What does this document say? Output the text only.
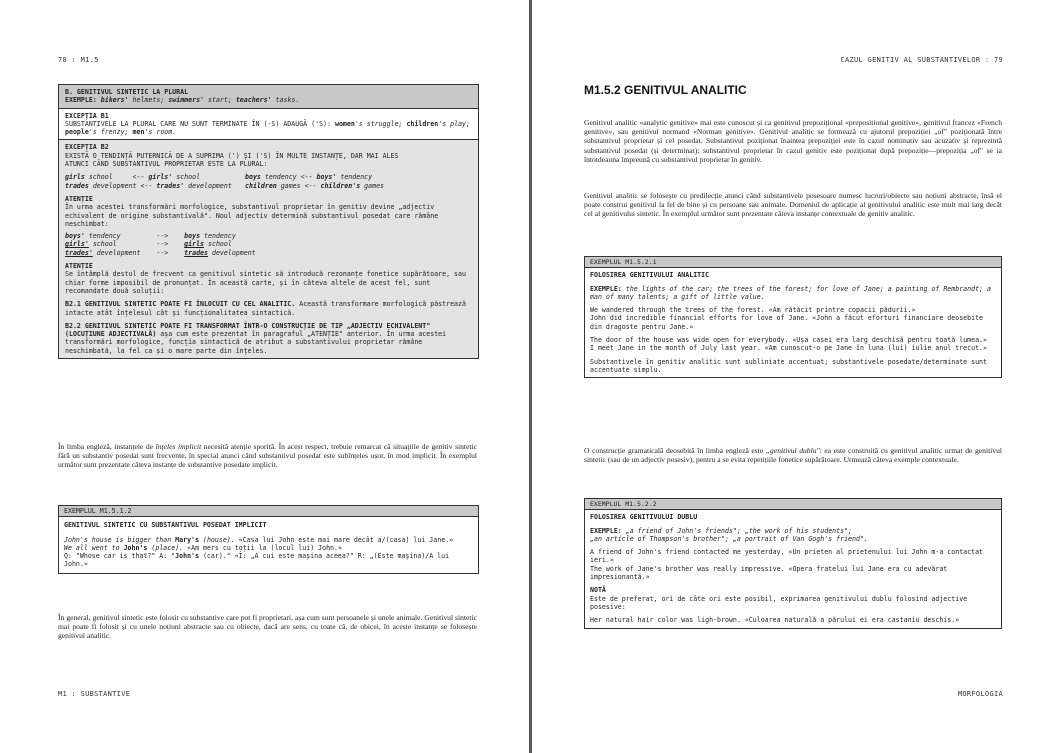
78 : M1.5
B. GENITIVUL SINTETIC LA PLURAL
EXEMPLE: bikers' helmets; swimmers' start; teachers' tasks.
EXCEPȚIA B1
SUBSTANTIVELE LA PLURAL CARE NU SUNT TERMINATE ÎN (-S) ADAUGĂ ('S): women's struggle; children's play; people's frenzy; men's room.
EXCEPȚIA B2
EXISTĂ O TENDINȚĂ PUTERNICĂ DE A SUPRIMA (') ȘI ('S) ÎN MULTE INSTANȚE, DAR MAI ALES
ATUNCI CÂND SUBSTANTIVUL PROPRIETAR ESTE LA PLURAL:
girls school	<-- girls' school	boys tendency <-- boys' tendency
trades development <-- trades' development	children games <-- children's games
ATENȚIE
În urma acestei transformări morfologice, substantivul proprietar în genitiv devine „adjectiv echivalent de origine substantivală". Noul adjectiv determină substantivul posedat care rămâne neschimbat:
boys' tendency	--> boys tendency
girls' school	--> girls school
trades' development --> trades development
ATENȚIE
Se întâmplă destul de frecvent ca genitivul sintetic să introducă rezonanțe fonetice supărătoare, sau chiar forme imposibil de pronunțat. În această carte, și în câteva altele de acest fel, sunt recomandate două soluții:
B2.1 GENITIVUL SINTETIC POATE FI ÎNLOCUIT CU CEL ANALITIC. Această transformare morfologică păstrează intacte atât înțelesul cât și funcționalitatea sintactică.
B2.2 GENITIVUL SINTETIC POATE FI TRANSFORMAT ÎNTR-O CONSTRUCȚIE DE TIP „ADJECTIV ECHIVALENT" (LOCUȚIUNE ADJECTIVALĂ) așa cum este prezentat în paragraful „ATENȚIE" anterior. În urma acestei transformări morfologice, funcția sintactică de atribut a substantivului proprietar rămâne neschimbată, la fel ca și o mare parte din înțeles.
În limba engleză, instanțele de înțeles implicit necesită atenție sporită. În acest respect, trebuie remarcat că situațiile de genitiv sintetic fără un substantiv posedat sunt frecvente, în special atunci când substantivul posedat este subînțeles ușor, în mod implicit. În exemplul următor sunt prezentate câteva instanțe de substantive posedate implicit.
EXEMPLUL M1.5.1.2
GENITIVUL SINTETIC CU SUBSTANTIVUL POSEDAT IMPLICIT
John's house is bigger than Mary's (house). «Casa lui John este mai mare decât a/(casa) lui Jane.»
We all went to John's (place). «Am mers cu toții la (locul lui) John.»
Q: "Whose car is that?" A: "John's (car)." «Î: „A cui este mașina aceea?" R: „(Este mașina)/A lui John.»
În general, genitivul sintetic este folosit cu substantive care pot fi proprietari, așa cum sunt persoanele și unele animale. Genitivul sintetic mai poate fi folosit și cu unele noțiuni abstracte sau cu obiecte, dacă are sens, cu toate că, de obicei, în aceste instanțe se folosește genitivul analitic.
M1 : SUBSTANTIVE
CAZUL GENITIV AL SUBSTANTIVELOR : 79
M1.5.2 GENITIVUL ANALITIC
Genitivul analitic «analytic genitive» mai este cunoscut și ca genitivul prepozițional «prepositional genitive», genitivul francez «French genitive», sau genitivul normand «Norman genitive». Genitivul analitic se formează cu ajutorul prepoziției „of" poziționată între substantivul proprietar și cel posedat. Substantivul poziționat înaintea prepoziției este în cazul nominativ sau acuzativ și reprezintă substantivul posedat (și determinat); substantivul proprietar în cazul genitiv este poziționat după prepoziție—prepoziția „of" se ia întotdeauna împreună cu substantivul proprietar în genitiv.
Genitivul analitic se folosește cu predilecție atunci când substantivele posesoare numesc lucruri/obiecte sau noțiuni abstracte, însă el poate construi genitivul la fel de bine și cu persoane sau animale. Domeniul de aplicație al genitivului analitic este mult mai larg decât cel al genitivului sintetic. În exemplul următor sunt prezentate câteva instanțe contextuale de genitiv analitic.
EXEMPLUL M1.5.2.1
FOLOSIREA GENITIVULUI ANALITIC
EXEMPLE: the lights of the car; the trees of the forest; for love of Jane; a painting of Rembrandt; a man of many talents; a gift of little value.
We wandered through the trees of the forest. «Am rătăcit printre copacii pădurii.»
John did incredible financial efforts for love of Jane. «John a făcut eforturi financiare deosebite din dragoste pentru Jane.»
The door of the house was wide open for everybody. «Ușa casei era larg deschisă pentru toată lumea.»
I meet Jane in the month of July last year. «Am cunoscut-o pe Jane în luna (lui) iulie anul trecut.»
Substantivele în genitiv analitic sunt subliniate accentuat; substantivele posedate/determinate sunt accentuate simplu.
O construcție gramaticală deosebită în limba engleză este „genitivul dublu": ea este construită cu genitivul analitic urmat de genitivul sintetic (sau de un adjectiv posesiv), pentru a se evita repetițiile fonetice supărătoare. Urmează câteva exemple contextuale.
EXEMPLUL M1.5.2.2
FOLOSIREA GENITIVULUI DUBLU
EXEMPLE: „a friend of John's friends"; „the work of his students";
„an article of Thompson's brother"; „a portrait of Van Gogh's friend".
A friend of John's friend contacted me yesterday. «Un prieten al prietenului lui John m-a contactat ieri.»
The work of Jane's brother was really impressive. «Opera fratelui lui Jane era cu adevărat impresionantă.»
NOTĂ
Este de preferat, ori de câte ori este posibil, exprimarea genitivului dublu folosind adjective posesive:
Her natural hair color was ligh-brown. «Culoarea naturală a părului ei era castaniu deschis.»
MORFOLOGIA
